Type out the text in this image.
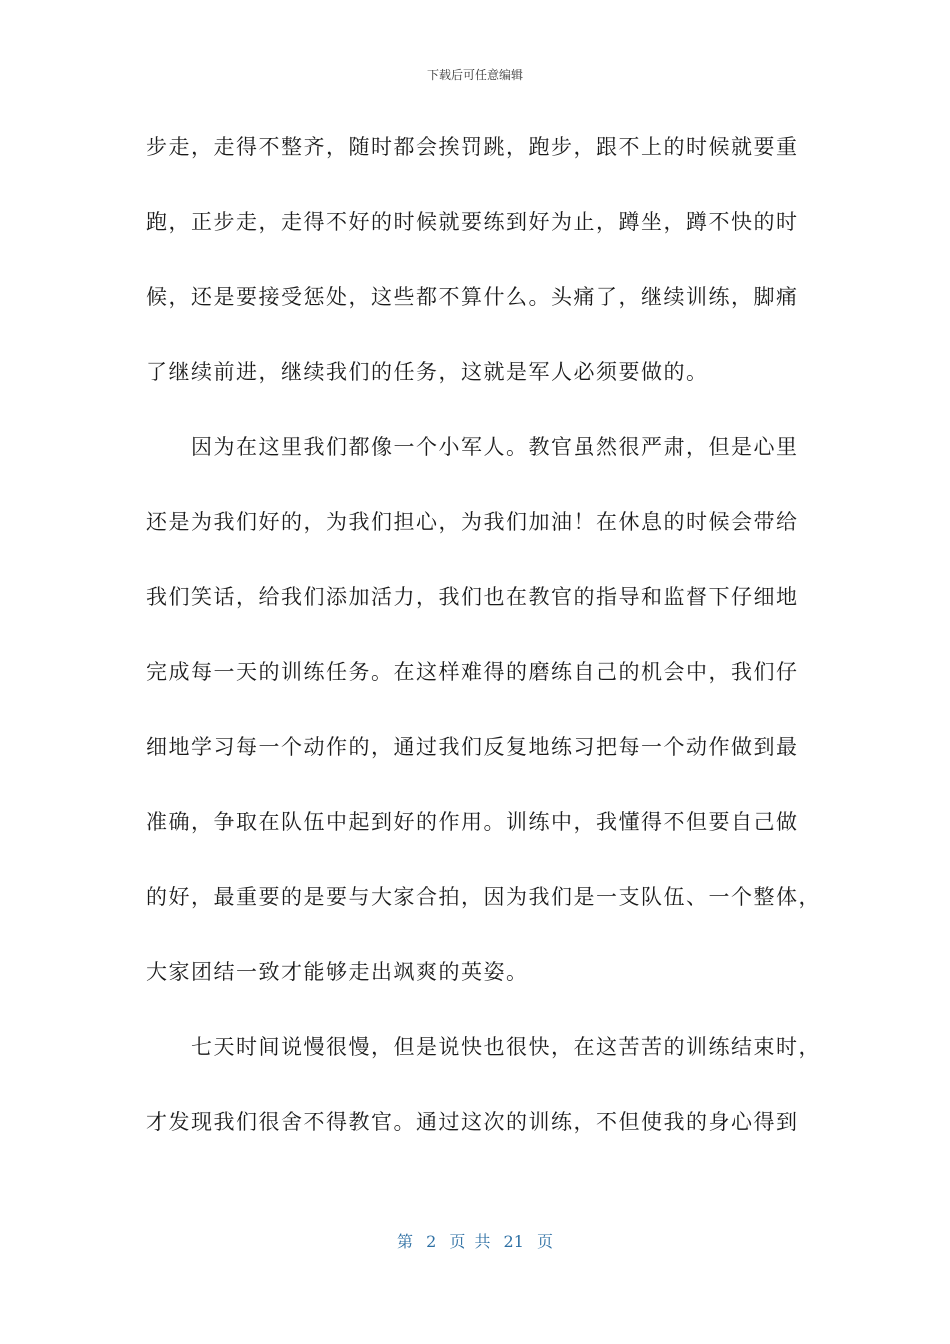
下载后可任意编辑
步走，走得不整齐，随时都会挨罚跳，跑步，跟不上的时候就要重
跑，正步走，走得不好的时候就要练到好为止，蹲坐，蹲不快的时
候，还是要接受惩处，这些都不算什么。头痛了，继续训练，脚痛
了继续前进，继续我们的任务，这就是军人必须要做的。
　　因为在这里我们都像一个小军人。教官虽然很严肃，但是心里
还是为我们好的，为我们担心，为我们加油！在休息的时候会带给
我们笑话，给我们添加活力，我们也在教官的指导和监督下仔细地
完成每一天的训练任务。在这样难得的磨练自己的机会中，我们仔
细地学习每一个动作的，通过我们反复地练习把每一个动作做到最
准确，争取在队伍中起到好的作用。训练中，我懂得不但要自己做
的好，最重要的是要与大家合拍，因为我们是一支队伍、一个整体，
大家团结一致才能够走出飒爽的英姿。
　　七天时间说慢很慢，但是说快也很快，在这苦苦的训练结束时，
才发现我们很舍不得教官。通过这次的训练，不但使我的身心得到
第 2 页 共 21 页
